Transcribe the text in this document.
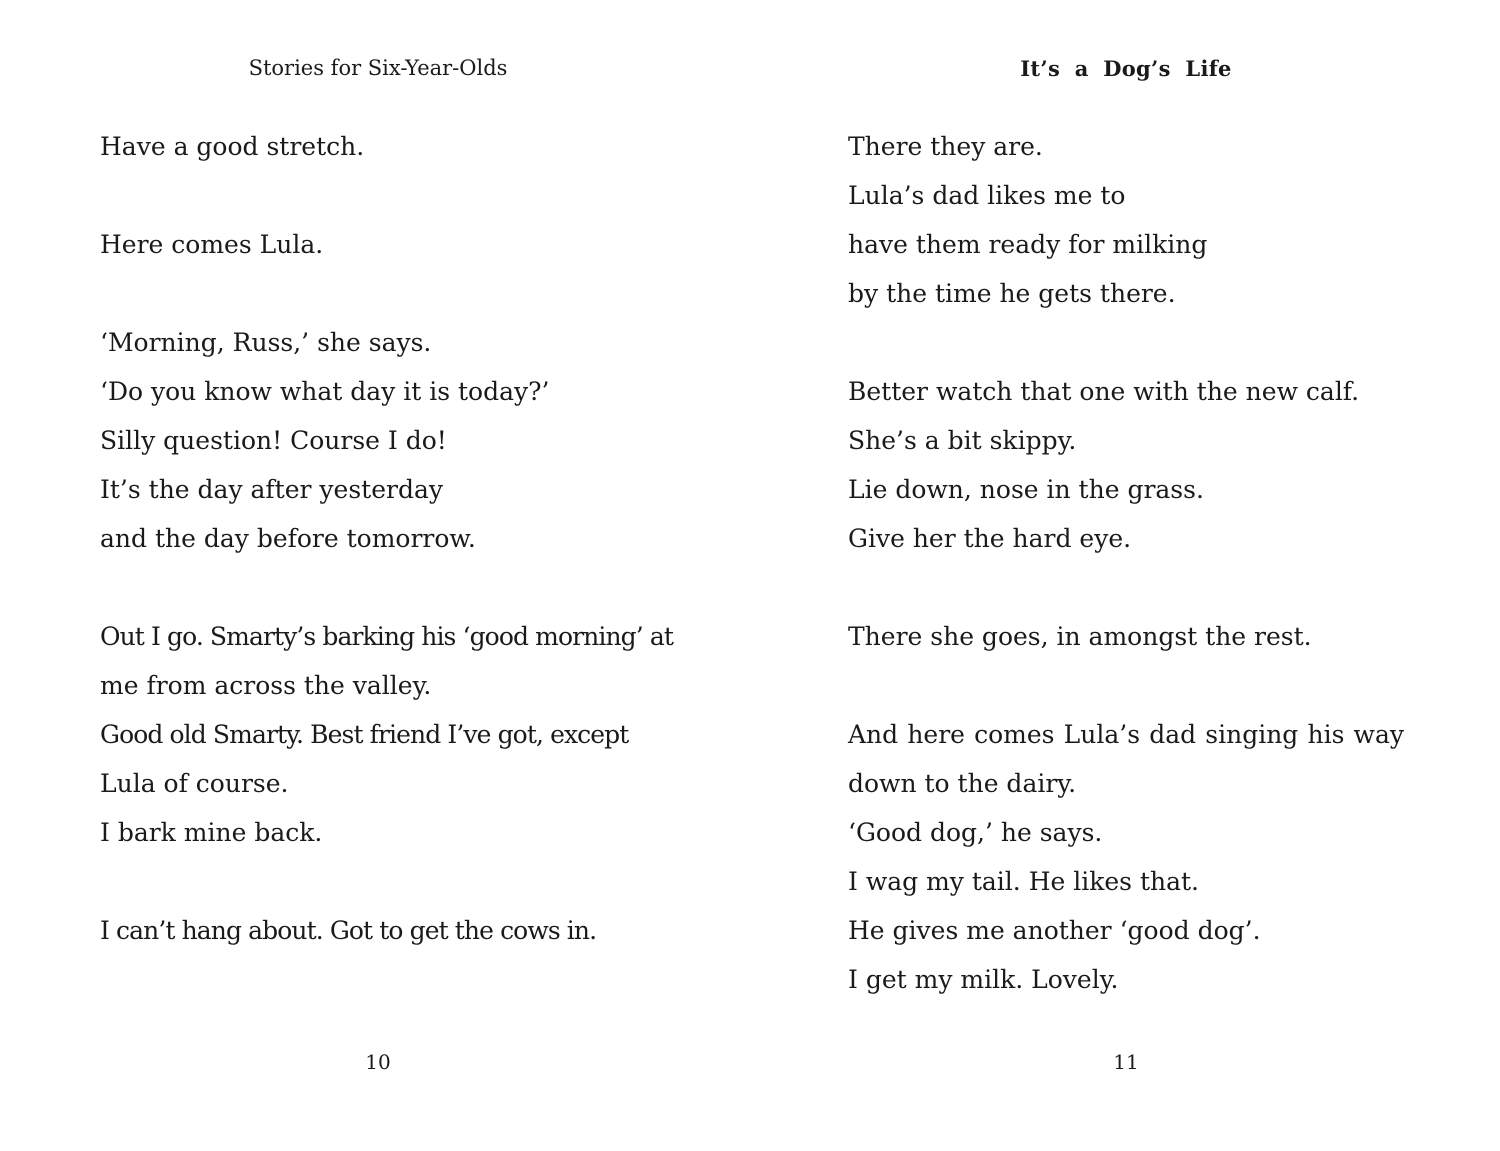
Stories for Six-Year-Olds
Have a good stretch.
Here comes Lula.
‘Morning, Russ,’ she says.
‘Do you know what day it is today?’
Silly question! Course I do!
It’s the day after yesterday
and the day before tomorrow.
Out I go. Smarty’s barking his ‘good morning’ at
me from across the valley.
Good old Smarty. Best friend I’ve got, except
Lula of course.
I bark mine back.
I can’t hang about. Got to get the cows in.
10
It’s a Dog’s Life
There they are.
Lula’s dad likes me to
have them ready for milking
by the time he gets there.
Better watch that one with the new calf.
She’s a bit skippy.
Lie down, nose in the grass.
Give her the hard eye.
There she goes, in amongst the rest.
And here comes Lula’s dad singing his way
down to the dairy.
‘Good dog,’ he says.
I wag my tail. He likes that.
He gives me another ‘good dog’.
I get my milk. Lovely.
11
